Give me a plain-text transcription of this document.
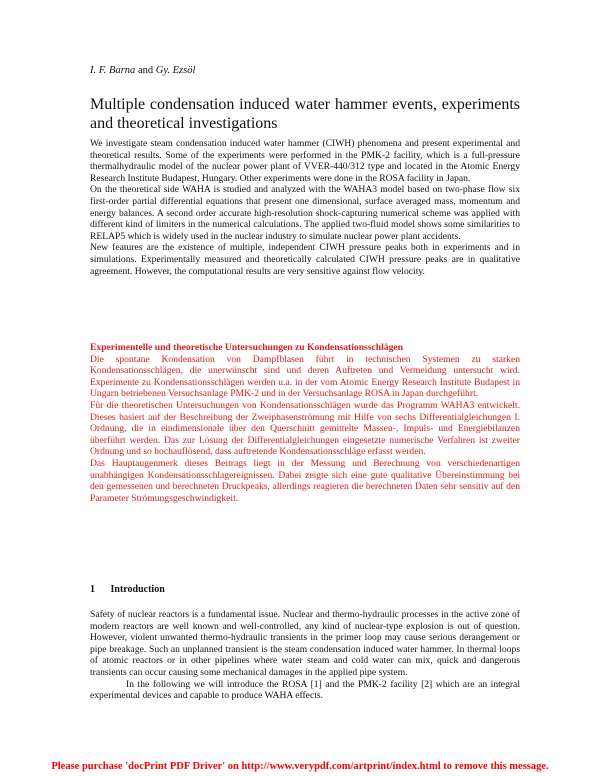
I. F. Barna and Gy. Ezsöl
Multiple condensation induced water hammer events, experiments and theoretical investigations

We investigate steam condensation induced water hammer (CIWH) phenomena and present experimental and theoretical results. Some of the experiments were performed in the PMK-2 facility, which is a full-pressure thermalhydraulic model of the nuclear power plant of VVER-440/312 type and located in the Atomic Energy Research Institute Budapest, Hungary. Other experiments were done in the ROSA facility in Japan.

On the theoretical side WAHA is studied and analyzed with the WAHA3 model based on two-phase flow six first-order partial differential equations that present one dimensional, surface averaged mass, momentum and energy balances. A second order accurate high-resolution shock-capturing numerical scheme was applied with different kind of limiters in the numerical calculations. The applied two-fluid model shows some similarities to RELAP5 which is widely used in the nuclear industry to simulate nuclear power plant accidents.

New features are the existence of multiple, independent CIWH pressure peaks both in experiments and in simulations. Experimentally measured and theoretically calculated CIWH pressure peaks are in qualitative agreement. However, the computational results are very sensitive against flow velocity.

Experimentelle und theoretische Untersuchungen zu Kondensationsschlägen

Die spontane Kondensation von Dampfblasen führt in technischen Systemen zu starken Kondensationsschlägen, die unerwünscht sind und deren Auftreten und Vermeidung untersucht wird. Experimente zu Kondensationsschlägen werden u.a. in der vom Atomic Energy Research Institute Budapest in Ungarn betriebenen Versuchsanlage PMK-2 und in der Versuchsanlage ROSA in Japan durchgeführt.

Für die theoretischen Untersuchungen von Kondensationsschlägen wurde das Programm WAHA3 entwickelt. Dieses basiert auf der Beschreibung der Zweiphasenströmung mit Hilfe von sechs Differentialgleichungen I. Ordnung, die in eindimensionale über den Querschnitt gemittelte Massen-, Impuls- und Energiebilanzen überführt werden. Das zur Lösung der Differentialgleichungen eingesetzte numerische Verfahren ist zweiter Ordnung und so hochauflösend, dass auftretende Kondensationsschläge erfasst werden.

Das Hauptaugenmerk dieses Beitrags liegt in der Messung und Berechnung von verschiedenartigen unabhängigen Kondensationsschlagereignissen. Dabei zeigte sich eine gute qualitative Übereinstimmung bei den gemessenen und berechneten Druckpeaks, allerdings reagieren die berechneten Daten sehr sensitiv auf den Parameter Strömungsgeschwindigkeit.

1 Introduction

Safety of nuclear reactors is a fundamental issue. Nuclear and thermo-hydraulic processes in the active zone of modern reactors are well known and well-controlled, any kind of nuclear-type explosion is out of question. However, violent unwanted thermo-hydraulic transients in the primer loop may cause serious derangement or pipe breakage. Such an unplanned transient is the steam condensation induced water hammer. In thermal loops of atomic reactors or in other pipelines where water steam and cold water can mix, quick and dangerous transients can occur causing some mechanical damages in the applied pipe system.

In the following we will introduce the ROSA [1] and the PMK-2 facility [2] which are an integral experimental devices and capable to produce WAHA effects.

Please purchase 'docPrint PDF Driver' on http://www.verypdf.com/artprint/index.html to remove this message.
